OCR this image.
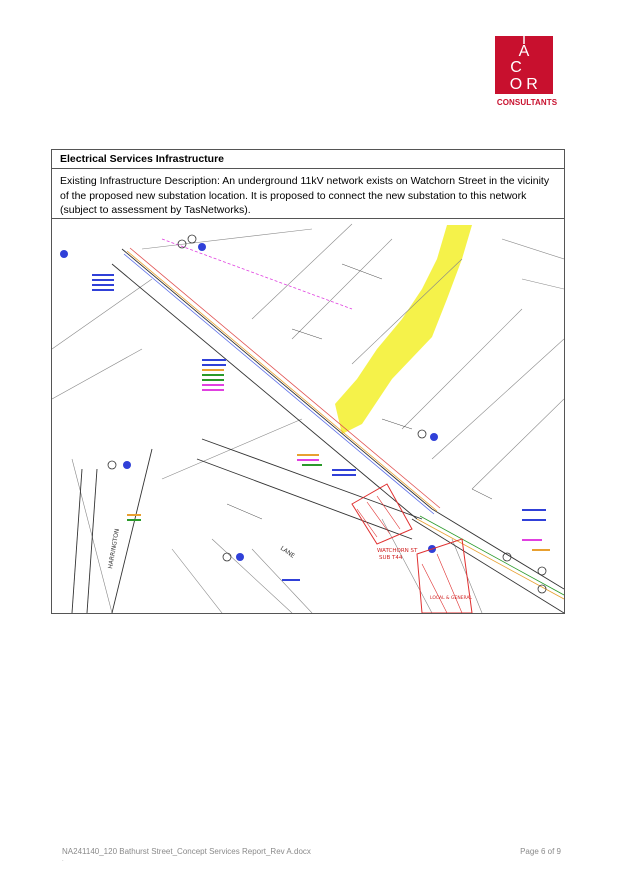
A
C
O R
CONSULTANTS
Electrical Services Infrastructure
Existing Infrastructure Description: An underground 11kV network exists on Watchorn Street in the vicinity of the proposed new substation location. It is proposed to connect the new substation to this network (subject to assessment by TasNetworks).
HARRINGTON	LANE	WATCHORN ST
SUB T44
LOCAL & GENERAL
NA241140_120 Bathurst Street_Concept Services Report_Rev A.docx	Page 6 of 9
.
